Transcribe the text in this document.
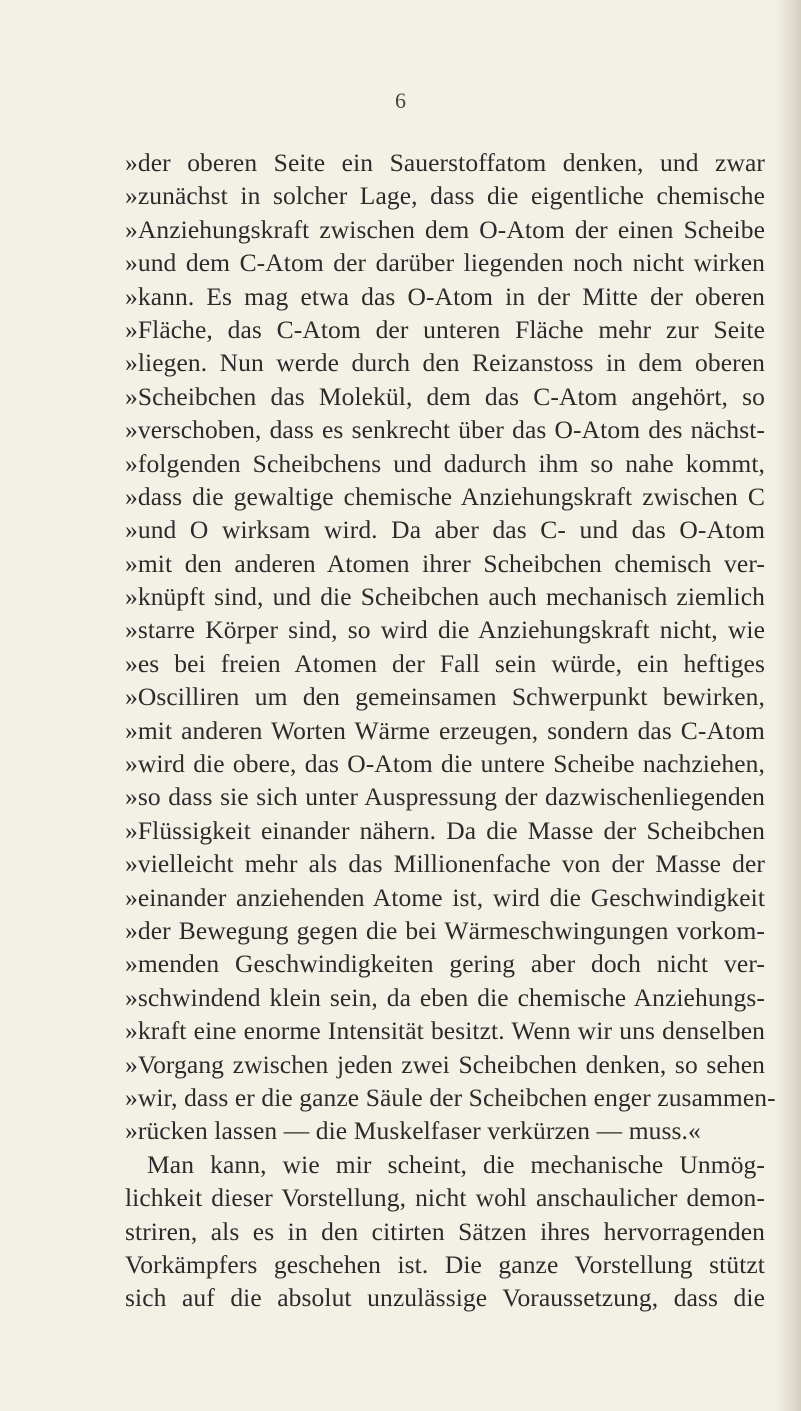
6
»der oberen Seite ein Sauerstoffatom denken, und zwar
»zunächst in solcher Lage, dass die eigentliche chemische
»Anziehungskraft zwischen dem O-Atom der einen Scheibe
»und dem C-Atom der darüber liegenden noch nicht wirken
»kann. Es mag etwa das O-Atom in der Mitte der oberen
»Fläche, das C-Atom der unteren Fläche mehr zur Seite
»liegen. Nun werde durch den Reizanstoss in dem oberen
»Scheibchen das Molekül, dem das C-Atom angehört, so
»verschoben, dass es senkrecht über das O-Atom des nächst-
»folgenden Scheibchens und dadurch ihm so nahe kommt,
»dass die gewaltige chemische Anziehungskraft zwischen C
»und O wirksam wird. Da aber das C- und das O-Atom
»mit den anderen Atomen ihrer Scheibchen chemisch ver-
»knüpft sind, und die Scheibchen auch mechanisch ziemlich
»starre Körper sind, so wird die Anziehungskraft nicht, wie
»es bei freien Atomen der Fall sein würde, ein heftiges
»Oscilliren um den gemeinsamen Schwerpunkt bewirken,
»mit anderen Worten Wärme erzeugen, sondern das C-Atom
»wird die obere, das O-Atom die untere Scheibe nachziehen,
»so dass sie sich unter Auspressung der dazwischenliegenden
»Flüssigkeit einander nähern. Da die Masse der Scheibchen
»vielleicht mehr als das Millionenfache von der Masse der
»einander anziehenden Atome ist, wird die Geschwindigkeit
»der Bewegung gegen die bei Wärmeschwingungen vorkom-
»menden Geschwindigkeiten gering aber doch nicht ver-
»schwindend klein sein, da eben die chemische Anziehungs-
»kraft eine enorme Intensität besitzt. Wenn wir uns denselben
»Vorgang zwischen jeden zwei Scheibchen denken, so sehen
»wir, dass er die ganze Säule der Scheibchen enger zusammen-
»rücken lassen — die Muskelfaser verkürzen — muss.«
Man kann, wie mir scheint, die mechanische Unmög-
lichkeit dieser Vorstellung, nicht wohl anschaulicher demon-
striren, als es in den citirten Sätzen ihres hervorragenden
Vorkämpfers geschehen ist. Die ganze Vorstellung stützt
sich auf die absolut unzulässige Voraussetzung, dass die
